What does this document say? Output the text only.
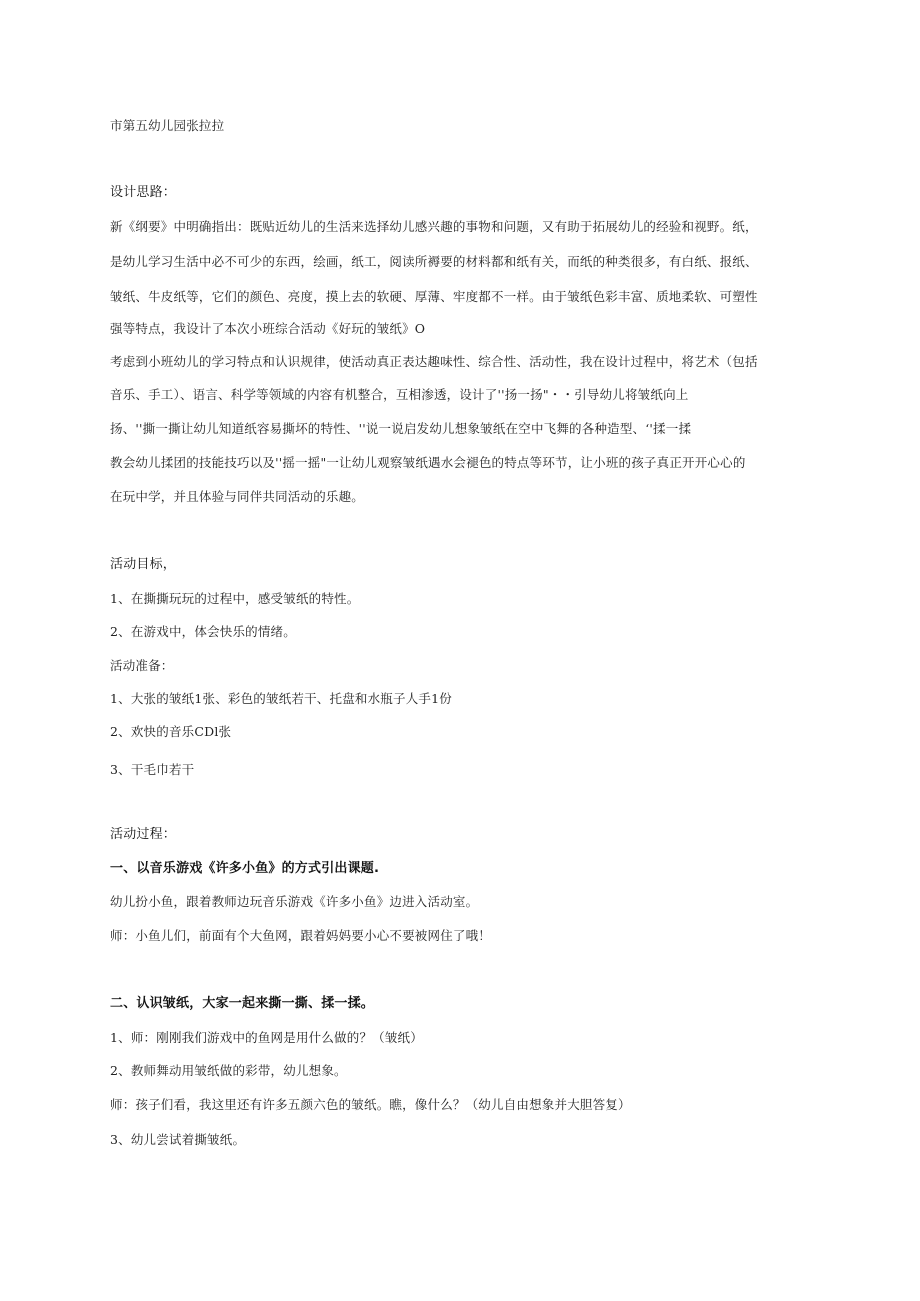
市第五幼儿园张拉拉
设计思路：
新《纲要》中明确指出：既贴近幼儿的生活来选择幼儿感兴趣的事物和问题，又有助于拓展幼儿的经验和视野。纸，
是幼儿学习生活中必不可少的东西，绘画，纸工，阅读所褥要的材料都和纸有关，而纸的种类很多，有白纸、报纸、
皱纸、牛皮纸等，它们的颜色、亮度，摸上去的软硬、厚薄、牢度都不一样。由于皱纸色彩丰富、质地柔软、可塑性
强等特点，我设计了本次小班综合活动《好玩的皱纸》O
考虑到小班幼儿的学习特点和认识规律，使活动真正表达趣味性、综合性、活动性，我在设计过程中，将艺术（包括
音乐、手工）、语言、科学等领域的内容有机整合，互相渗透，设计了''扬一扬"・・引导幼儿将皱纸向上
扬、''撕一撕让幼儿知道纸容易撕坏的特性、''说一说启发幼儿想象皱纸在空中飞舞的各种造型、‘'揉一揉
教会幼儿揉团的技能技巧以及''摇一摇"一让幼儿观察皱纸遇水会褪色的特点等环节，让小班的孩子真正开开心心的
在玩中学，并且体验与同伴共同活动的乐趣。
活动目标，
1、在撕撕玩玩的过程中，感受皱纸的特性。
2、在游戏中，体会快乐的情绪。
活动准备：
1、大张的皱纸1张、彩色的皱纸若干、托盘和水瓶子人手1份
2、欢快的音乐CDl张
3、干毛巾若干
活动过程：
一、以音乐游戏《许多小鱼》的方式引出课题.
幼儿扮小鱼，跟着教师边玩音乐游戏《许多小鱼》边进入活动室。
师：小鱼儿们，前面有个大鱼网，跟着妈妈要小心不要被网住了哦！
二、认识皱纸，大家一起来撕一撕、揉一揉。
1、师：刚刚我们游戏中的鱼网是用什么做的？（皱纸）
2、教师舞动用皱纸做的彩带，幼儿想象。
师：孩子们看，我这里还有许多五颜六色的皱纸。瞧，像什么？（幼儿自由想象并大胆答复）
3、幼儿尝试着撕皱纸。
